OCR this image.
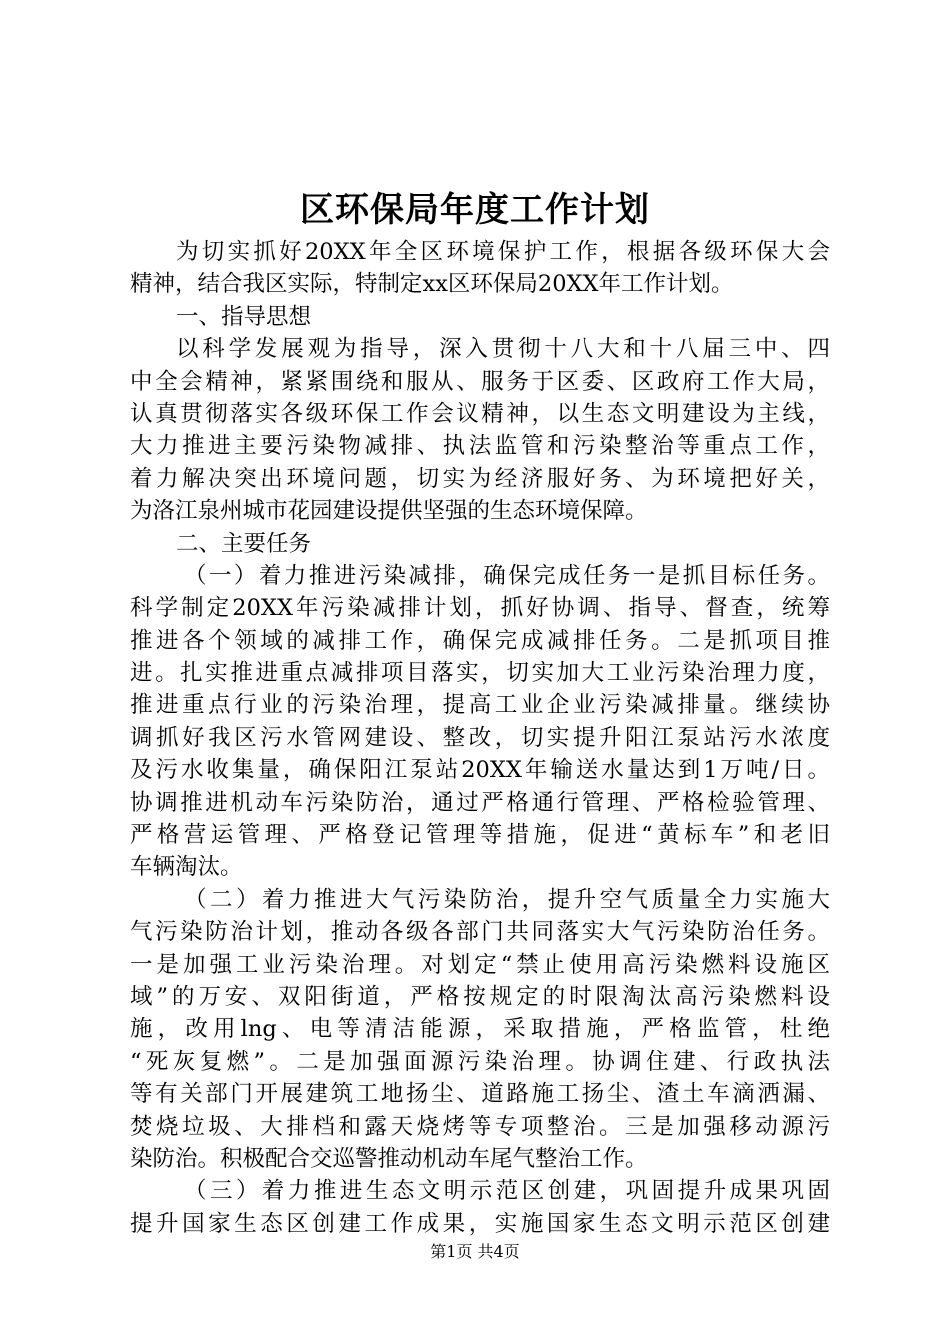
区环保局年度工作计划
为切实抓好20XX年全区环境保护工作，根据各级环保大会
精神，结合我区实际，特制定xx区环保局20XX年工作计划。
一、指导思想
以科学发展观为指导，深入贯彻十八大和十八届三中、四
中全会精神，紧紧围绕和服从、服务于区委、区政府工作大局，
认真贯彻落实各级环保工作会议精神，以生态文明建设为主线，
大力推进主要污染物减排、执法监管和污染整治等重点工作，
着力解决突出环境问题，切实为经济服好务、为环境把好关，
为洛江泉州城市花园建设提供坚强的生态环境保障。
二、主要任务
（一）着力推进污染减排，确保完成任务一是抓目标任务。
科学制定20XX年污染减排计划，抓好协调、指导、督查，统筹
推进各个领域的减排工作，确保完成减排任务。二是抓项目推
进。扎实推进重点减排项目落实，切实加大工业污染治理力度，
推进重点行业的污染治理，提高工业企业污染减排量。继续协
调抓好我区污水管网建设、整改，切实提升阳江泵站污水浓度
及污水收集量，确保阳江泵站20XX年输送水量达到1万吨/日。
协调推进机动车污染防治，通过严格通行管理、严格检验管理、
严格营运管理、严格登记管理等措施，促进“黄标车”和老旧
车辆淘汰。
（二）着力推进大气污染防治，提升空气质量全力实施大
气污染防治计划，推动各级各部门共同落实大气污染防治任务。
一是加强工业污染治理。对划定“禁止使用高污染燃料设施区
域”的万安、双阳街道，严格按规定的时限淘汰高污染燃料设
施，改用lng、电等清洁能源，采取措施，严格监管，杜绝
“死灰复燃”。二是加强面源污染治理。协调住建、行政执法
等有关部门开展建筑工地扬尘、道路施工扬尘、渣土车滴洒漏、
焚烧垃圾、大排档和露天烧烤等专项整治。三是加强移动源污
染防治。积极配合交巡警推动机动车尾气整治工作。
（三）着力推进生态文明示范区创建，巩固提升成果巩固
提升国家生态区创建工作成果，实施国家生态文明示范区创建
第1页 共4页
